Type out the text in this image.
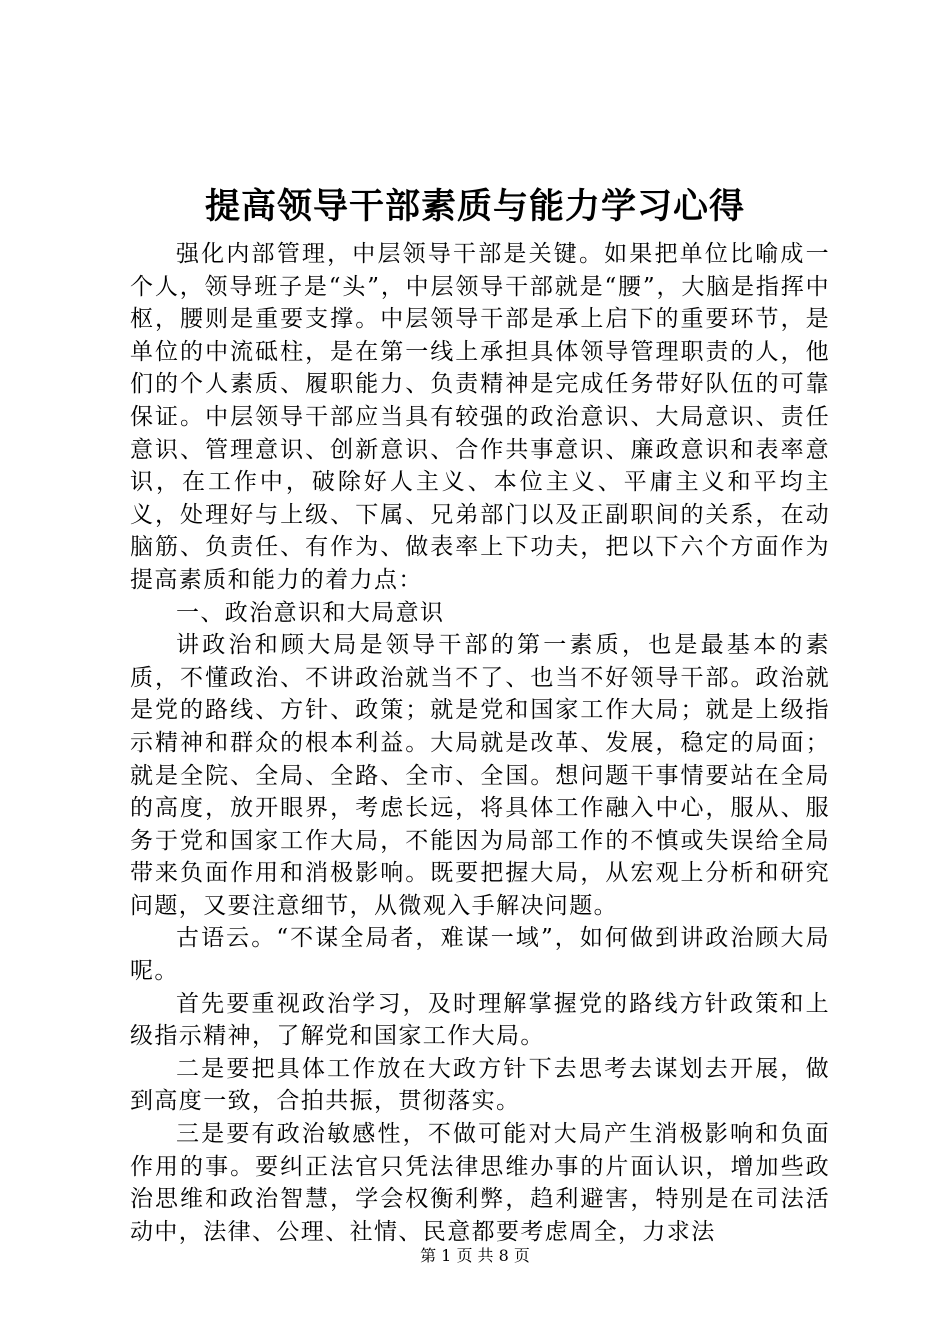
提高领导干部素质与能力学习心得

强化内部管理，中层领导干部是关键。如果把单位比喻成一个人，领导班子是“头”，中层领导干部就是“腰”，大脑是指挥中枢，腰则是重要支撑。中层领导干部是承上启下的重要环节，是单位的中流砥柱，是在第一线上承担具体领导管理职责的人，他们的个人素质、履职能力、负责精神是完成任务带好队伍的可靠保证。中层领导干部应当具有较强的政治意识、大局意识、责任意识、管理意识、创新意识、合作共事意识、廉政意识和表率意识，在工作中，破除好人主义、本位主义、平庸主义和平均主义，处理好与上级、下属、兄弟部门以及正副职间的关系，在动脑筋、负责任、有作为、做表率上下功夫，把以下六个方面作为提高素质和能力的着力点：

一、政治意识和大局意识

讲政治和顾大局是领导干部的第一素质，也是最基本的素质，不懂政治、不讲政治就当不了、也当不好领导干部。政治就是党的路线、方针、政策；就是党和国家工作大局；就是上级指示精神和群众的根本利益。大局就是改革、发展，稳定的局面；就是全院、全局、全路、全市、全国。想问题干事情要站在全局的高度，放开眼界，考虑长远，将具体工作融入中心，服从、服务于党和国家工作大局，不能因为局部工作的不慎或失误给全局带来负面作用和消极影响。既要把握大局，从宏观上分析和研究问题，又要注意细节，从微观入手解决问题。

古语云。“不谋全局者，难谋一域”，如何做到讲政治顾大局呢。

首先要重视政治学习，及时理解掌握党的路线方针政策和上级指示精神，了解党和国家工作大局。

二是要把具体工作放在大政方针下去思考去谋划去开展，做到高度一致，合拍共振，贯彻落实。

三是要有政治敏感性，不做可能对大局产生消极影响和负面作用的事。要纠正法官只凭法律思维办事的片面认识，增加些政治思维和政治智慧，学会权衡利弊，趋利避害，特别是在司法活动中，法律、公理、社情、民意都要考虑周全，力求法

第 1 页 共 8 页
